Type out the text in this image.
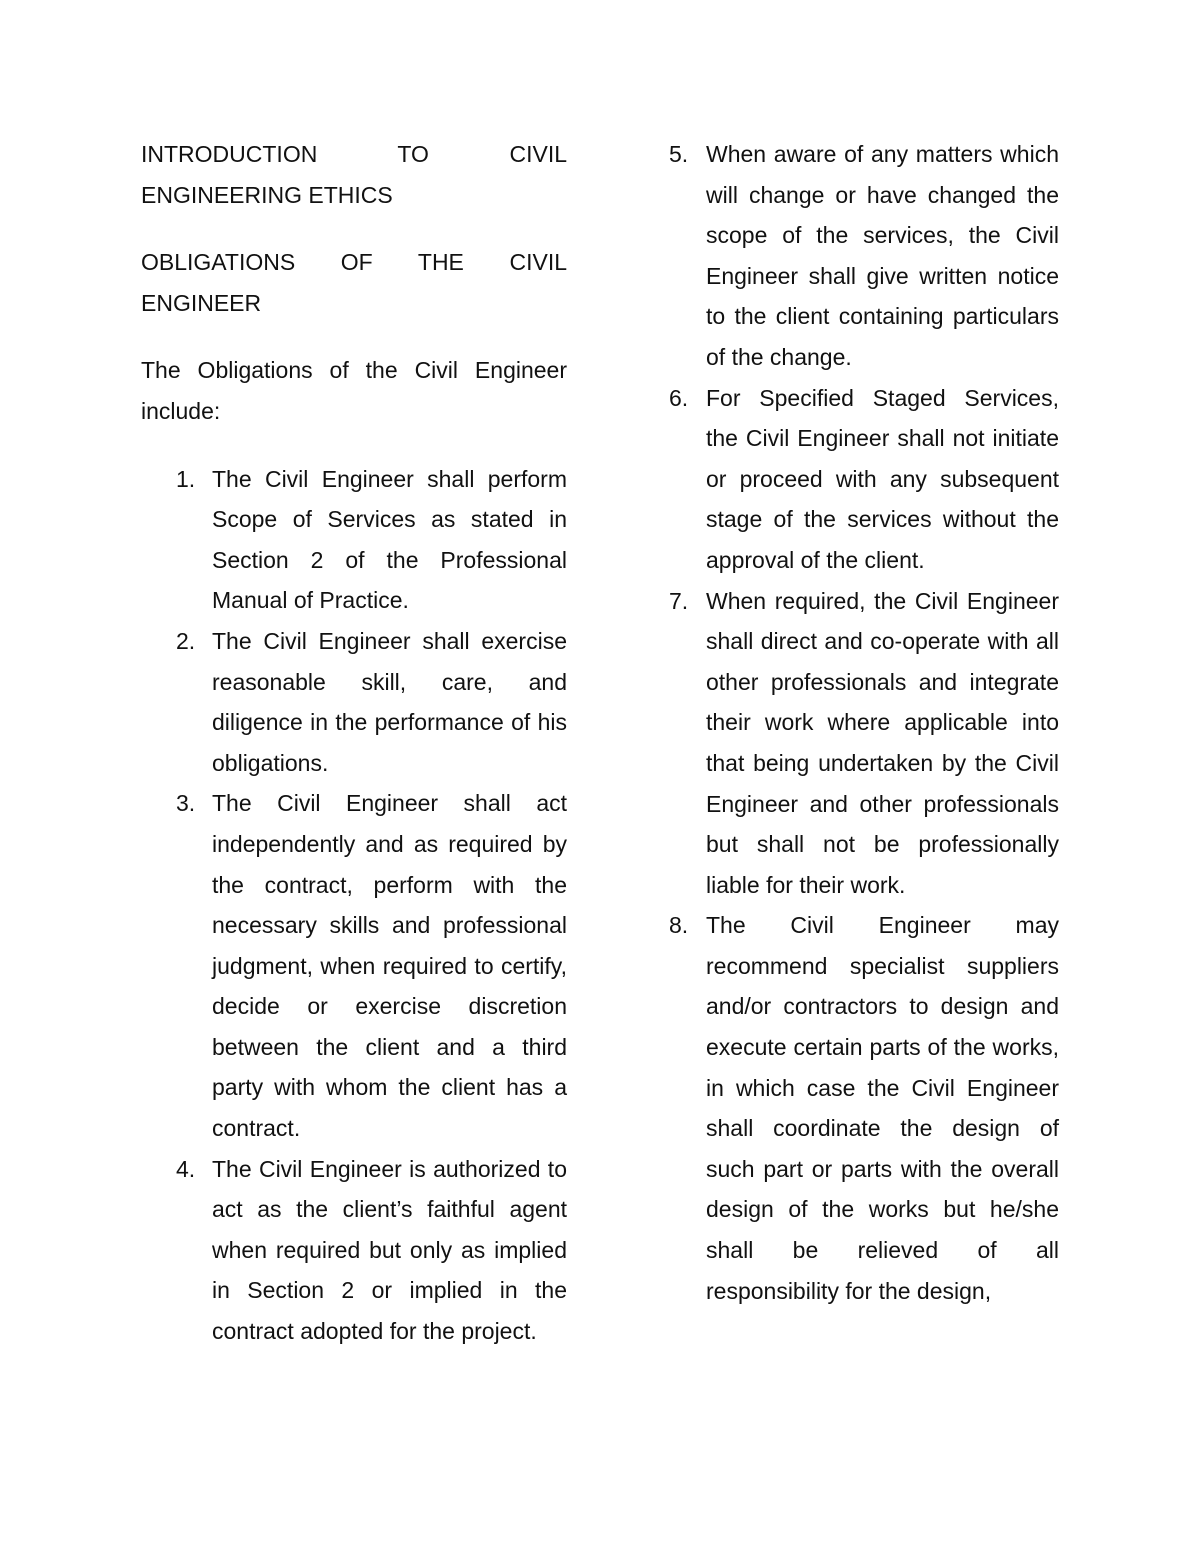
INTRODUCTION TO CIVIL ENGINEERING ETHICS

OBLIGATIONS OF THE CIVIL ENGINEER

The Obligations of the Civil Engineer include:

1. The Civil Engineer shall perform Scope of Services as stated in Section 2 of the Professional Manual of Practice.
2. The Civil Engineer shall exercise reasonable skill, care, and diligence in the performance of his obligations.
3. The Civil Engineer shall act independently and as required by the contract, perform with the necessary skills and professional judgment, when required to certify, decide or exercise discretion between the client and a third party with whom the client has a contract.
4. The Civil Engineer is authorized to act as the client’s faithful agent when required but only as implied in Section 2 or implied in the contract adopted for the project.
5. When aware of any matters which will change or have changed the scope of the services, the Civil Engineer shall give written notice to the client containing particulars of the change.
6. For Specified Staged Services, the Civil Engineer shall not initiate or proceed with any subsequent stage of the services without the approval of the client.
7. When required, the Civil Engineer shall direct and co-operate with all other professionals and integrate their work where applicable into that being undertaken by the Civil Engineer and other professionals but shall not be professionally liable for their work.
8. The Civil Engineer may recommend specialist suppliers and/or contractors to design and execute certain parts of the works, in which case the Civil Engineer shall coordinate the design of such part or parts with the overall design of the works but he/she shall be relieved of all responsibility for the design,
